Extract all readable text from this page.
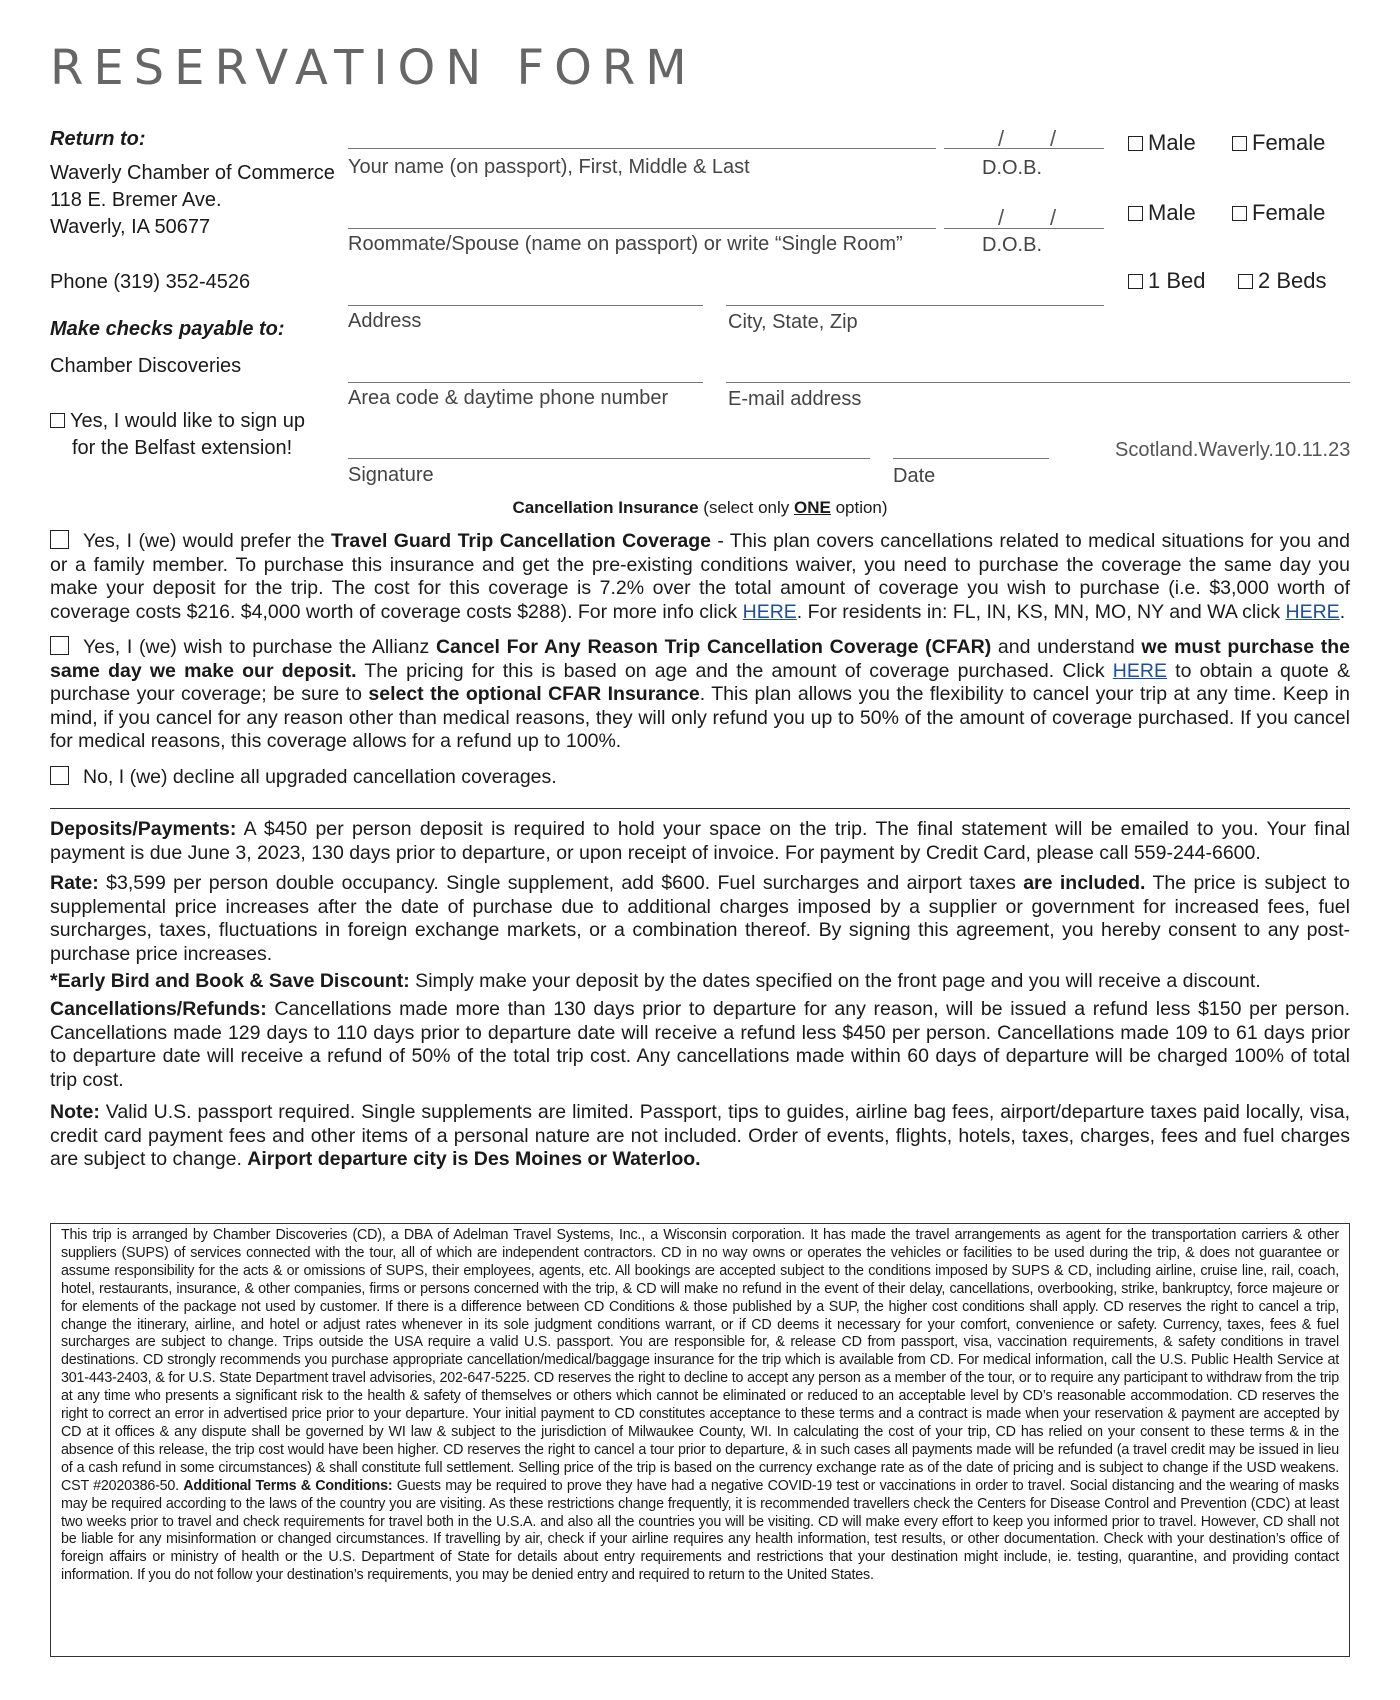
RESERVATION FORM
Return to:
Waverly Chamber of Commerce
118 E. Bremer Ave.
Waverly, IA 50677
Phone (319) 352-4526
Make checks payable to:
Chamber Discoveries
Yes, I would like to sign up
for the Belfast extension!
/ /
Your name (on passport), First, Middle & Last	D.O.B.
Male	Female
/ /
Roommate/Spouse (name on passport) or write “Single Room”	D.O.B.
Male	Female
Address	City, State, Zip
1 Bed	2 Beds
Area code & daytime phone number	E-mail address
Signature	Date
Scotland.Waverly.10.11.23
Cancellation Insurance (select only ONE option)
Yes, I (we) would prefer the Travel Guard Trip Cancellation Coverage - This plan covers cancellations related to medical situations for you and or a family member. To purchase this insurance and get the pre-existing conditions waiver, you need to purchase the coverage the same day you make your deposit for the trip. The cost for this coverage is 7.2% over the total amount of coverage you wish to purchase (i.e. $3,000 worth of coverage costs $216. $4,000 worth of coverage costs $288). For more info click HERE. For residents in: FL, IN, KS, MN, MO, NY and WA click HERE.
Yes, I (we) wish to purchase the Allianz Cancel For Any Reason Trip Cancellation Coverage (CFAR) and understand we must purchase the same day we make our deposit. The pricing for this is based on age and the amount of coverage purchased. Click HERE to obtain a quote & purchase your coverage; be sure to select the optional CFAR Insurance. This plan allows you the flexibility to cancel your trip at any time. Keep in mind, if you cancel for any reason other than medical reasons, they will only refund you up to 50% of the amount of coverage purchased. If you cancel for medical reasons, this coverage allows for a refund up to 100%.
No, I (we) decline all upgraded cancellation coverages.
Deposits/Payments: A $450 per person deposit is required to hold your space on the trip. The final statement will be emailed to you. Your final payment is due June 3, 2023, 130 days prior to departure, or upon receipt of invoice. For payment by Credit Card, please call 559-244-6600.
Rate: $3,599 per person double occupancy. Single supplement, add $600. Fuel surcharges and airport taxes are included. The price is subject to supplemental price increases after the date of purchase due to additional charges imposed by a supplier or government for increased fees, fuel surcharges, taxes, fluctuations in foreign exchange markets, or a combination thereof. By signing this agreement, you hereby consent to any post-purchase price increases.
*Early Bird and Book & Save Discount: Simply make your deposit by the dates specified on the front page and you will receive a discount.
Cancellations/Refunds: Cancellations made more than 130 days prior to departure for any reason, will be issued a refund less $150 per person. Cancellations made 129 days to 110 days prior to departure date will receive a refund less $450 per person. Cancellations made 109 to 61 days prior to departure date will receive a refund of 50% of the total trip cost. Any cancellations made within 60 days of departure will be charged 100% of total trip cost.
Note: Valid U.S. passport required. Single supplements are limited. Passport, tips to guides, airline bag fees, airport/departure taxes paid locally, visa, credit card payment fees and other items of a personal nature are not included. Order of events, flights, hotels, taxes, charges, fees and fuel charges are subject to change. Airport departure city is Des Moines or Waterloo.
This trip is arranged by Chamber Discoveries (CD), a DBA of Adelman Travel Systems, Inc., a Wisconsin corporation. It has made the travel arrangements as agent for the transportation carriers & other suppliers (SUPS) of services connected with the tour, all of which are independent contractors. CD in no way owns or operates the vehicles or facilities to be used during the trip, & does not guarantee or assume responsibility for the acts & or omissions of SUPS, their employees, agents, etc. All bookings are accepted subject to the conditions imposed by SUPS & CD, including airline, cruise line, rail, coach, hotel, restaurants, insurance, & other companies, firms or persons concerned with the trip, & CD will make no refund in the event of their delay, cancellations, overbooking, strike, bankruptcy, force majeure or for elements of the package not used by customer. If there is a difference between CD Conditions & those published by a SUP, the higher cost conditions shall apply. CD reserves the right to cancel a trip, change the itinerary, airline, and hotel or adjust rates whenever in its sole judgment conditions warrant, or if CD deems it necessary for your comfort, convenience or safety. Currency, taxes, fees & fuel surcharges are subject to change. Trips outside the USA require a valid U.S. passport. You are responsible for, & release CD from passport, visa, vaccination requirements, & safety conditions in travel destinations. CD strongly recommends you purchase appropriate cancellation/medical/baggage insurance for the trip which is available from CD. For medical information, call the U.S. Public Health Service at 301-443-2403, & for U.S. State Department travel advisories, 202-647-5225. CD reserves the right to decline to accept any person as a member of the tour, or to require any participant to withdraw from the trip at any time who presents a significant risk to the health & safety of themselves or others which cannot be eliminated or reduced to an acceptable level by CD’s reasonable accommodation. CD reserves the right to correct an error in advertised price prior to your departure. Your initial payment to CD constitutes acceptance to these terms and a contract is made when your reservation & payment are accepted by CD at it offices & any dispute shall be governed by WI law & subject to the jurisdiction of Milwaukee County, WI. In calculating the cost of your trip, CD has relied on your consent to these terms & in the absence of this release, the trip cost would have been higher. CD reserves the right to cancel a tour prior to departure, & in such cases all payments made will be refunded (a travel credit may be issued in lieu of a cash refund in some circumstances) & shall constitute full settlement. Selling price of the trip is based on the currency exchange rate as of the date of pricing and is subject to change if the USD weakens. CST #2020386-50. Additional Terms & Conditions: Guests may be required to prove they have had a negative COVID-19 test or vaccinations in order to travel. Social distancing and the wearing of masks may be required according to the laws of the country you are visiting. As these restrictions change frequently, it is recommended travellers check the Centers for Disease Control and Prevention (CDC) at least two weeks prior to travel and check requirements for travel both in the U.S.A. and also all the countries you will be visiting. CD will make every effort to keep you informed prior to travel. However, CD shall not be liable for any misinformation or changed circumstances. If travelling by air, check if your airline requires any health information, test results, or other documentation. Check with your destination’s office of foreign affairs or ministry of health or the U.S. Department of State for details about entry requirements and restrictions that your destination might include, ie. testing, quarantine, and providing contact information. If you do not follow your destination’s requirements, you may be denied entry and required to return to the United States.
